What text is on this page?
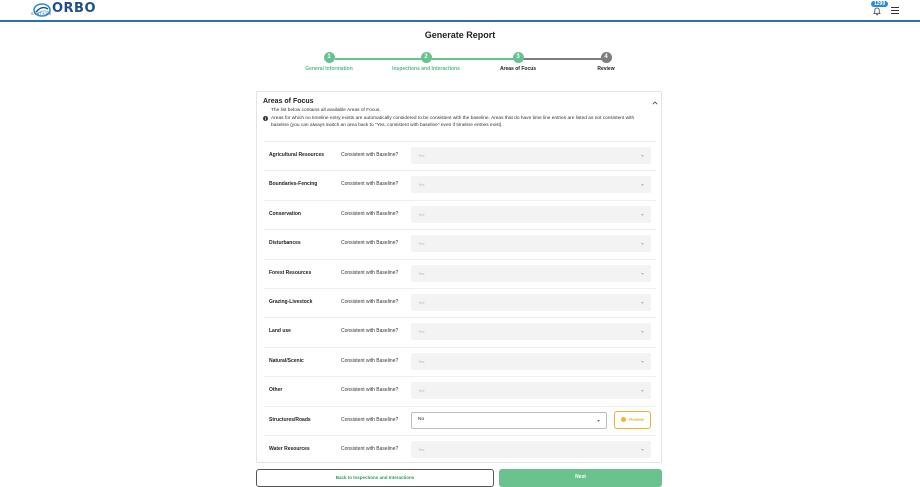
ORBO
SYSTEMS
1299
Generate Report
1
General Information
2
Inspections and Interactions
3
Areas of Focus
4
Review
Areas of Focus
The list below contains all available Areas of Focus.
Areas for which no timeline entry exists are automatically considered to be consistent with the baseline. Areas that do have time line entries are listed as not consistent with baseline (you can always switch an area back to "Yes, consistent with baseline" even if timeline entries exist).
Agricultural Resources	Consistent with Baseline?	Yes
Boundaries-Fencing	Consistent with Baseline?	Yes
Conservation	Consistent with Baseline?	Yes
Disturbances	Consistent with Baseline?	Yes
Forest Resources	Consistent with Baseline?	Yes
Grazing-Livestock	Consistent with Baseline?	Yes
Land use	Consistent with Baseline?	Yes
Natural/Scenic	Consistent with Baseline?	Yes
Other	Consistent with Baseline?	Yes
Structures/Roads	Consistent with Baseline?	No	Review
Water Resources	Consistent with Baseline?	Yes
Back to Inspections and Interactions	Next
